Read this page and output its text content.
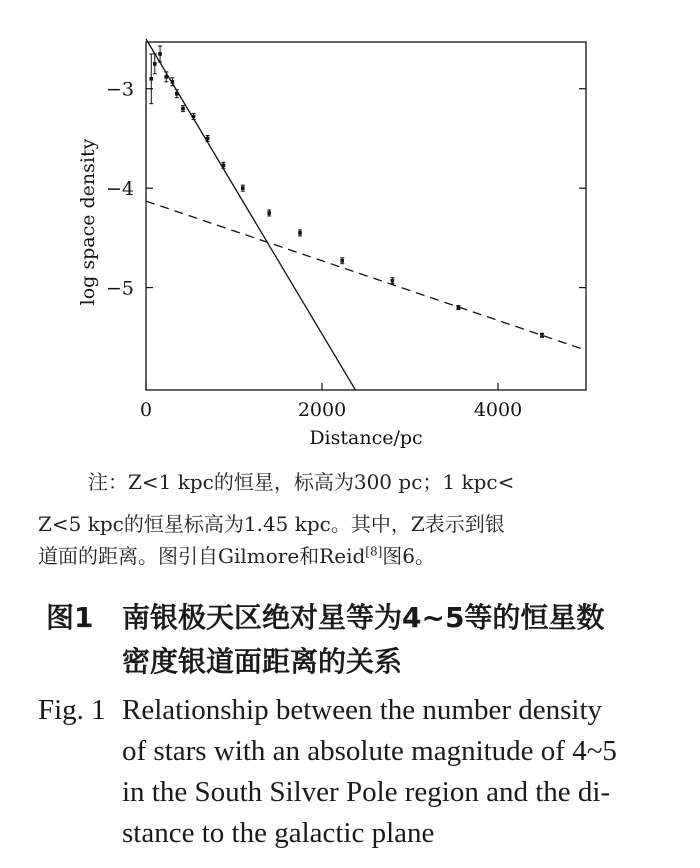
0	2000	4000
−3
−4
−5
Distance/pc
log space density
注：Z<1 kpc的恒星，标高为300 pc；1 kpc<
Z<5 kpc的恒星标高为1.45 kpc。其中，Z表示到银
道面的距离。图引自Gilmore和Reid[8]图6。
图1 南银极天区绝对星等为4~5等的恒星数
密度银道面距离的关系
Fig. 1 Relationship between the number density
of stars with an absolute magnitude of 4~5
in the South Silver Pole region and the di-
stance to the galactic plane
